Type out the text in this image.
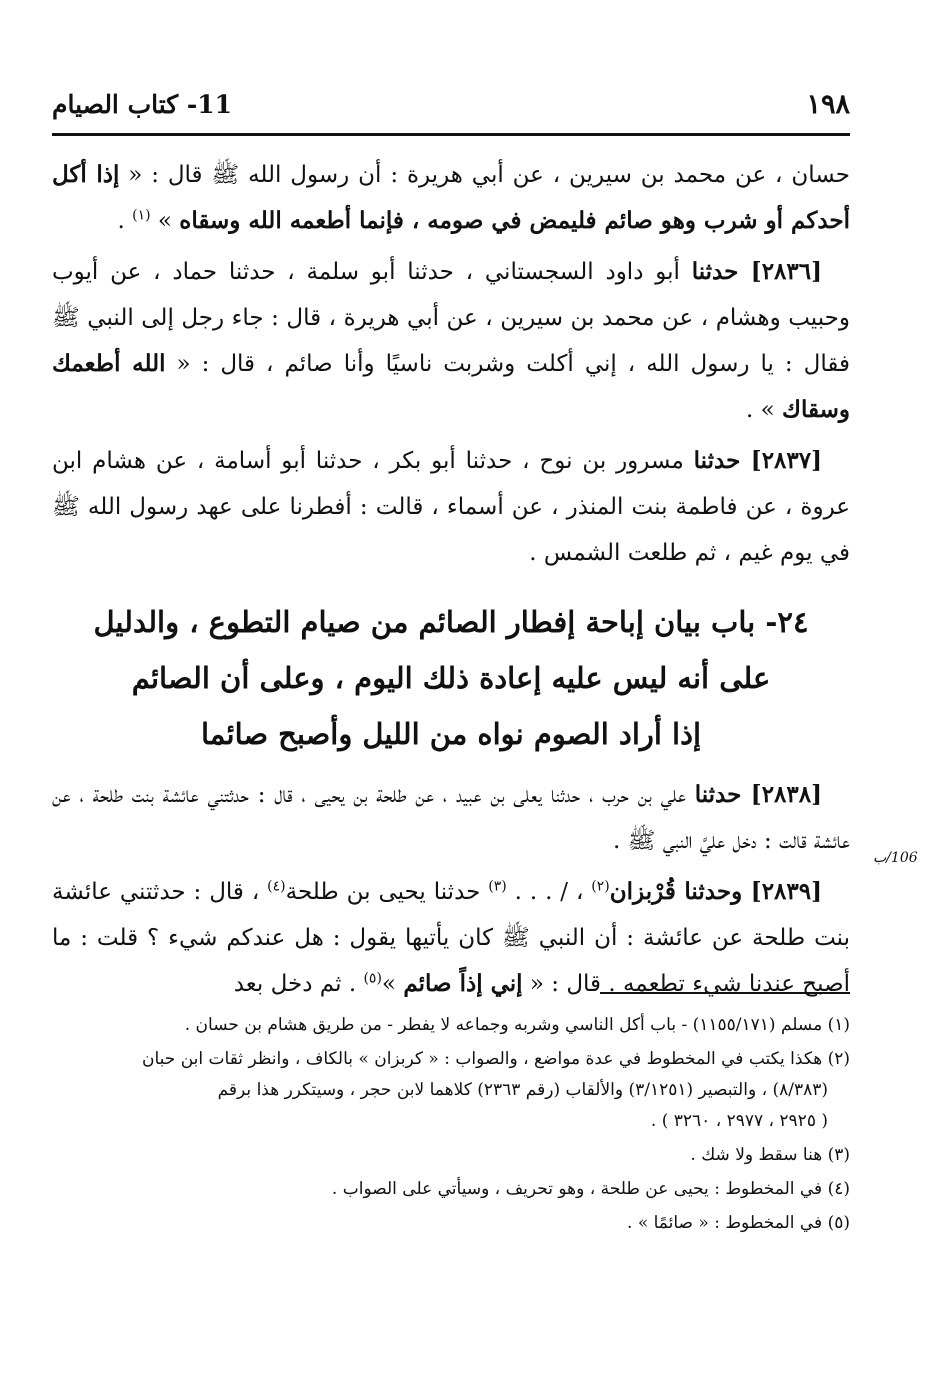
١٩٨
11- كتاب الصيام

حسان ، عن محمد بن سيرين ، عن أبي هريرة : أن رسول الله ﷺ قال : « إذا أكل أحدكم أو شرب وهو صائم فليمض في صومه ، فإنما أطعمه الله وسقاه » $^{(١)}$ .

[٢٨٣٦] حدثنا أبو داود السجستاني ، حدثنا أبو سلمة ، حدثنا حماد ، عن أيوب وحبيب وهشام ، عن محمد بن سيرين ، عن أبي هريرة ، قال : جاء رجل إلى النبي ﷺ فقال : يا رسول الله ، إني أكلت وشربت ناسيًا وأنا صائم ، قال : « الله أطعمك وسقاك » .

[٢٨٣٧] حدثنا مسرور بن نوح ، حدثنا أبو بكر ، حدثنا أبو أسامة ، عن هشام ابن عروة ، عن فاطمة بنت المنذر ، عن أسماء ، قالت : أفطرنا على عهد رسول الله ﷺ في يوم غيم ، ثم طلعت الشمس .

٢٤- باب بيان إباحة إفطار الصائم من صيام التطوع ، والدليل
على أنه ليس عليه إعادة ذلك اليوم ، وعلى أن الصائم
إذا أراد الصوم نواه من الليل وأصبح صائما

[٢٨٣٨] حدثنا علي بن حرب ، حدثنا يعلى بن عبيد ، عن طلحة بن يحيى ، قال : حدثتني عائشة بنت طلحة ، عن عائشة قالت : دخل عليَّ النبي ﷺ .

[٢٨٣٩] وحدثنا قُرْبزان$^{(٢)}$ ، / . . . $^{(٣)}$ حدثنا يحيى بن طلحة$^{(٤)}$ ، قال : حدثتني عائشة بنت طلحة عن عائشة : أن النبي ﷺ كان يأتيها يقول : هل عندكم شيء ؟ قلت : ما أصبح عندنا شيء تطعمه . قال : « إني إذاً صائم »$^{(٥)}$ . ثم دخل بعد

106/ب
(١) مسلم (١١٥٥/١٧١) - باب أكل الناسي وشربه وجماعه لا يفطر - من طريق هشام بن حسان .
(٢) هكذا يكتب في المخطوط في عدة مواضع ، والصواب : « كربزان » بالكاف ، وانظر ثقات ابن حبان
(٨/٣٨٣) ، والتبصير (٣/١٢٥١) والألقاب (رقم ٢٣٦٣) كلاهما لابن حجر ، وسيتكرر هذا برقم
( ٢٩٢٥ ، ٢٩٧٧ ، ٣٢٦٠ ) .
(٣) هنا سقط ولا شك .
(٤) في المخطوط : يحيى عن طلحة ، وهو تحريف ، وسيأتي على الصواب .
(٥) في المخطوط : « صائمًا » .
